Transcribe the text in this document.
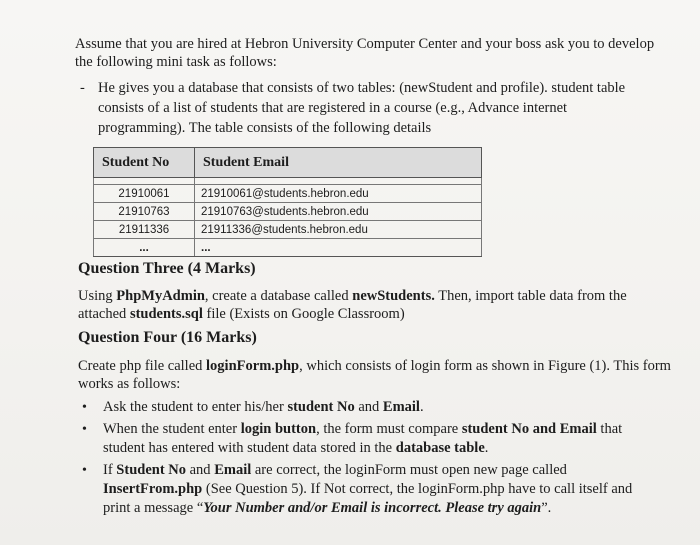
Assume that you are hired at Hebron University Computer Center and your boss ask you to develop the following mini task as follows:
- He gives you a database that consists of two tables: (newStudent and profile). student table consists of a list of students that are registered in a course (e.g., Advance internet programming). The table consists of the following details
Student No	Student Email

21910061	21910061@students.hebron.edu
21910763	21910763@students.hebron.edu
21911336	21911336@students.hebron.edu
...	...
Question Three (4 Marks)
Using PhpMyAdmin, create a database called newStudents. Then, import table data from the attached students.sql file (Exists on Google Classroom)
Question Four (16 Marks)
Create php file called loginForm.php, which consists of login form as shown in Figure (1). This form works as follows:
• Ask the student to enter his/her student No and Email.
• When the student enter login button, the form must compare student No and Email that student has entered with student data stored in the database table.
• If Student No and Email are correct, the loginForm must open new page called InsertFrom.php (See Question 5). If Not correct, the loginForm.php have to call itself and print a message “Your Number and/or Email is incorrect. Please try again”.
